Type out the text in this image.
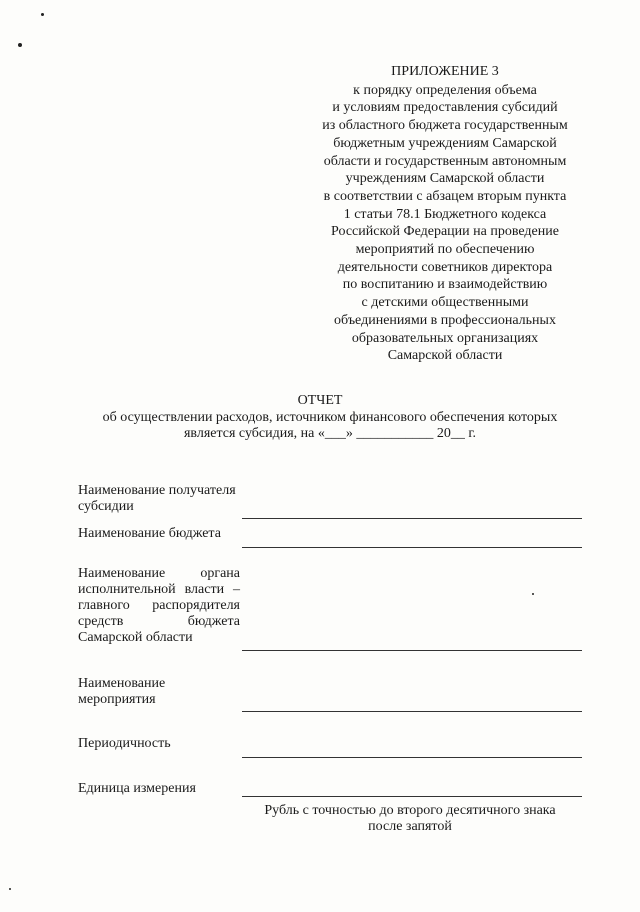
ПРИЛОЖЕНИЕ 3
к порядку определения объема
и условиям предоставления субсидий
из областного бюджета государственным
бюджетным учреждениям Самарской
области и государственным автономным
учреждениям Самарской области
в соответствии с абзацем вторым пункта
1 статьи 78.1 Бюджетного кодекса
Российской Федерации на проведение
мероприятий по обеспечению
деятельности советников директора
по воспитанию и взаимодействию
с детскими общественными
объединениями в профессиональных
образовательных организациях
Самарской области
ОТЧЕТ
об осуществлении расходов, источником финансового обеспечения которых
является субсидия, на «___» ___________ 20__ г.
Наименование получателя
субсидии
Наименование бюджета
Наименование органа
исполнительной власти –
главного распорядителя
средств бюджета
Самарской области
Наименование
мероприятия
Периодичность
Единица измерения
Рубль с точностью до второго десятичного знака
после запятой
